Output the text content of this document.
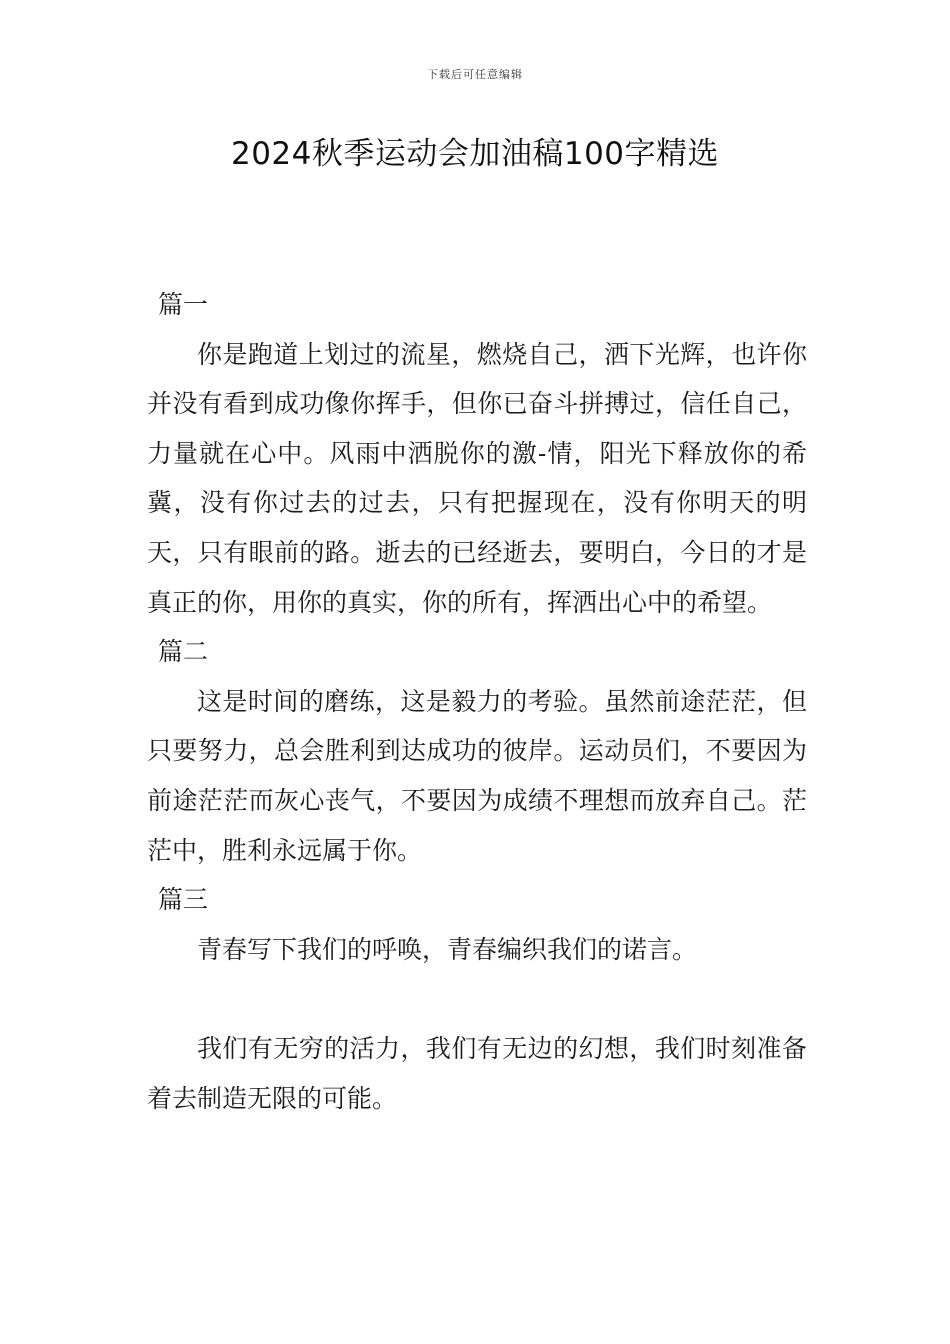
下载后可任意编辑
2024秋季运动会加油稿100字精选

篇一

你是跑道上划过的流星，燃烧自己，洒下光辉，也许你并没有看到成功像你挥手，但你已奋斗拼搏过，信任自己，力量就在心中。风雨中洒脱你的激-情，阳光下释放你的希冀，没有你过去的过去，只有把握现在，没有你明天的明天，只有眼前的路。逝去的已经逝去，要明白，今日的才是真正的你，用你的真实，你的所有，挥洒出心中的希望。

篇二

这是时间的磨练，这是毅力的考验。虽然前途茫茫，但只要努力，总会胜利到达成功的彼岸。运动员们，不要因为前途茫茫而灰心丧气，不要因为成绩不理想而放弃自己。茫茫中，胜利永远属于你。

篇三

青春写下我们的呼唤，青春编织我们的诺言。

我们有无穷的活力，我们有无边的幻想，我们时刻准备着去制造无限的可能。
